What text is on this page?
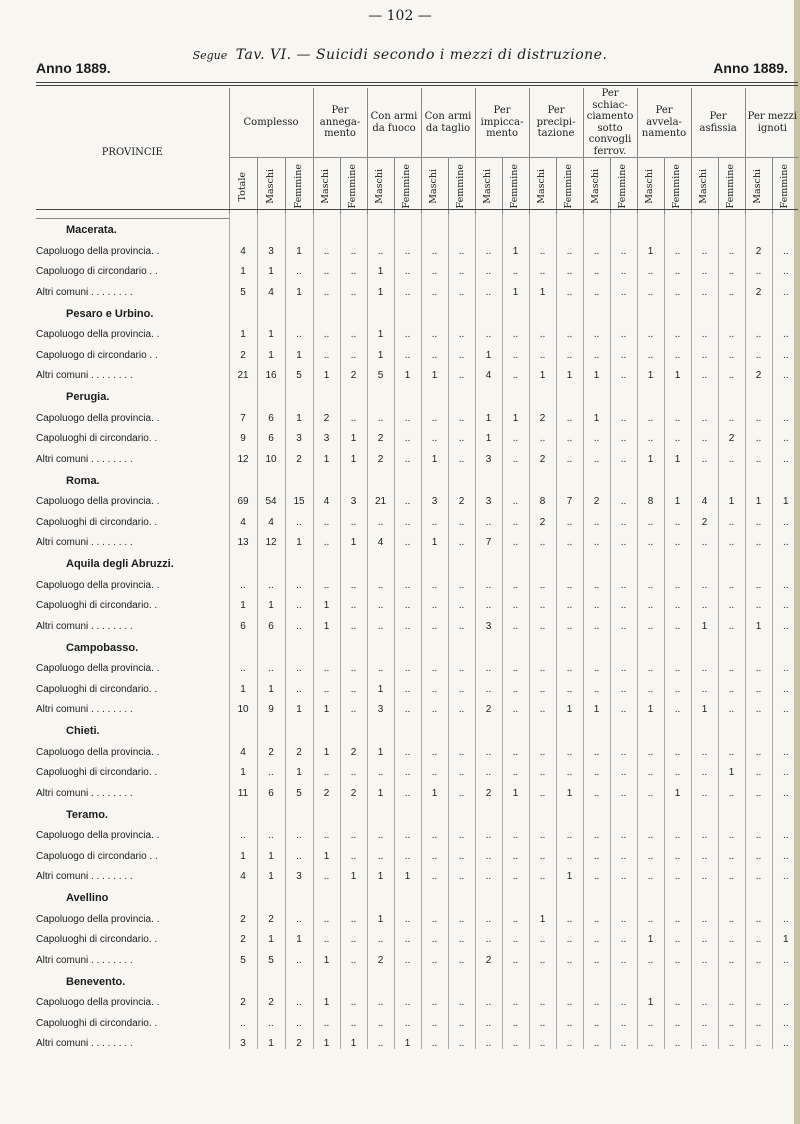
— 102 —
Segue Tav. VI. — Suicidi secondo i mezzi di distruzione.
Anno 1889.	Anno 1889.
PROVINCIE	Complesso			Per annega-mento		Con armi da fuoco		Con armi da taglio		Per impicca-mento		Per precipi-tazione		Per schiac-ciamento sotto convogli ferrov.		Per avvela-namento		Per asfissia		Per mezzi ignoti	
	Totale	Maschi	Femmine	Maschi	Femmine	Maschi	Femmine	Maschi	Femmine	Maschi	Femmine	Maschi	Femmine	Maschi	Femmine	Maschi	Femmine	Maschi	Femmine	Maschi	Femmine
Macerata.																					
Capoluogo della provincia. .	4	3	1	..	..	..	..	..	..	..	1	..	..	..	..	1	..	..	..	2	..
Capoluogo di circondario . .	1	1	..	..	..	1	..	..	..	..	..	..	..	..	..	..	..	..	..	..	..
Altri comuni . . . . . . . .	5	4	1	..	..	1	..	..	..	..	1	1	..	..	..	..	..	..	..	2	..
Pesaro e Urbino.																					
Capoluogo della provincia. .	1	1	..	..	..	1	..	..	..	..	..	..	..	..	..	..	..	..	..	..	..
Capoluogo di circondario . .	2	1	1	..	..	1	..	..	..	1	..	..	..	..	..	..	..	..	..	..	..
Altri comuni . . . . . . . .	21	16	5	1	2	5	1	1	..	4	..	1	1	1	..	1	1	..	..	2	..
Perugia.																					
Capoluogo della provincia. .	7	6	1	2	..	..	..	..	..	1	1	2	..	1	..	..	..	..	..	..	..
Capoluoghi di circondario. .	9	6	3	3	1	2	..	..	..	1	..	..	..	..	..	..	..	..	2	..	..
Altri comuni . . . . . . . .	12	10	2	1	1	2	..	1	..	3	..	2	..	..	..	1	1	..	..	..	..
Roma.																					
Capoluogo della provincia. .	69	54	15	4	3	21	..	3	2	3	..	8	7	2	..	8	1	4	1	1	1
Capoluoghi di circondario. .	4	4	..	..	..	..	..	..	..	..	..	2	..	..	..	..	..	2	..	..	..
Altri comuni . . . . . . . .	13	12	1	..	1	4	..	1	..	7	..	..	..	..	..	..	..	..	..	..	..
Aquila degli Abruzzi.																					
Capoluogo della provincia. .	..	..	..	..	..	..	..	..	..	..	..	..	..	..	..	..	..	..	..	..	..
Capoluoghi di circondario. .	1	1	..	1	..	..	..	..	..	..	..	..	..	..	..	..	..	..	..	..	..
Altri comuni . . . . . . . .	6	6	..	1	..	..	..	..	..	3	..	..	..	..	..	..	..	1	..	1	..
Campobasso.																					
Capoluogo della provincia. .	..	..	..	..	..	..	..	..	..	..	..	..	..	..	..	..	..	..	..	..	..
Capoluoghi di circondario. .	1	1	..	..	..	1	..	..	..	..	..	..	..	..	..	..	..	..	..	..	..
Altri comuni . . . . . . . .	10	9	1	1	..	3	..	..	..	2	..	..	1	1	..	1	..	1	..	..	..
Chieti.																					
Capoluogo della provincia. .	4	2	2	1	2	1	..	..	..	..	..	..	..	..	..	..	..	..	..	..	..
Capoluoghi di circondario. .	1	..	1	..	..	..	..	..	..	..	..	..	..	..	..	..	..	..	1	..	..
Altri comuni . . . . . . . .	11	6	5	2	2	1	..	1	..	2	1	..	1	..	..	..	1	..	..	..	..
Teramo.																					
Capoluogo della provincia. .	..	..	..	..	..	..	..	..	..	..	..	..	..	..	..	..	..	..	..	..	..
Capoluogo di circondario . .	1	1	..	1	..	..	..	..	..	..	..	..	..	..	..	..	..	..	..	..	..
Altri comuni . . . . . . . .	4	1	3	..	1	1	1	..	..	..	..	..	1	..	..	..	..	..	..	..	..
Avellino																					
Capoluogo della provincia. .	2	2	..	..	..	1	..	..	..	..	..	1	..	..	..	..	..	..	..	..	..
Capoluoghi di circondario. .	2	1	1	..	..	..	..	..	..	..	..	..	..	..	..	1	..	..	..	..	1
Altri comuni . . . . . . . .	5	5	..	1	..	2	..	..	..	2	..	..	..	..	..	..	..	..	..	..	..
Benevento.																					
Capoluogo della provincia. .	2	2	..	1	..	..	..	..	..	..	..	..	..	..	..	1	..	..	..	..	..
Capoluoghi di circondario. .	..	..	..	..	..	..	..	..	..	..	..	..	..	..	..	..	..	..	..	..	..
Altri comuni . . . . . . . .	3	1	2	1	1	..	1	..	..	..	..	..	..	..	..	..	..	..	..	..	..
